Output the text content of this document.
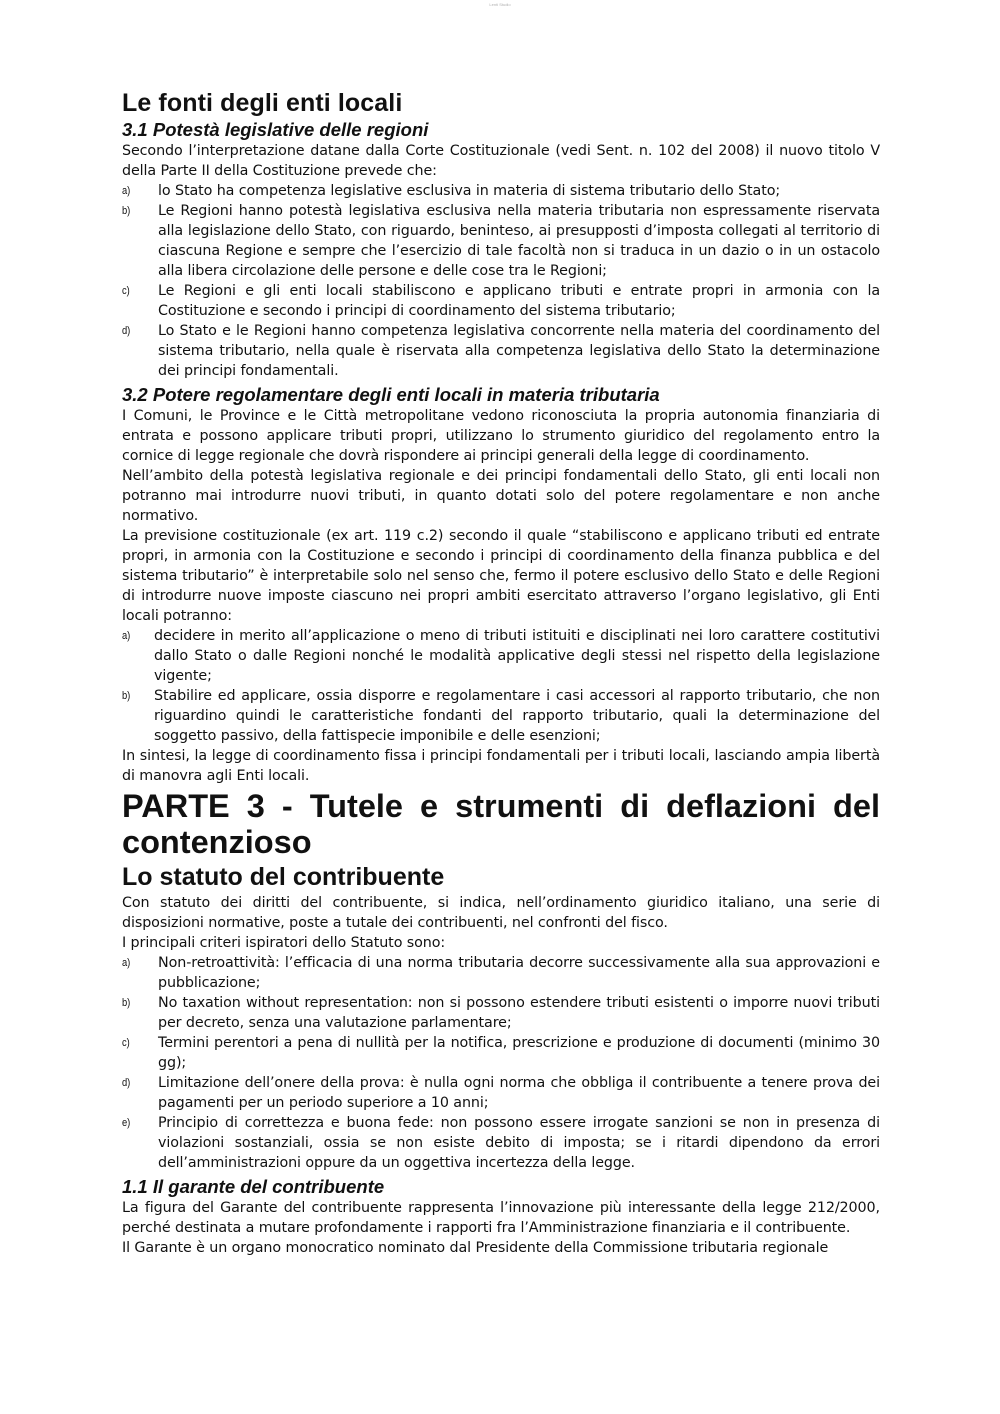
Lenti Studio
Le fonti degli enti locali
3.1 Potestà legislative delle regioni

Secondo l’interpretazione datane dalla Corte Costituzionale (vedi Sent. n. 102 del 2008) il nuovo titolo V della Parte II della Costituzione prevede che:

a) lo Stato ha competenza legislative esclusiva in materia di sistema tributario dello Stato;
b) Le Regioni hanno potestà legislativa esclusiva nella materia tributaria non espressamente riservata alla legislazione dello Stato, con riguardo, beninteso, ai presupposti d’imposta collegati al territorio di ciascuna Regione e sempre che l’esercizio di tale facoltà non si traduca in un dazio o in un ostacolo alla libera circolazione delle persone e delle cose tra le Regioni;
c) Le Regioni e gli enti locali stabiliscono e applicano tributi e entrate propri in armonia con la Costituzione e secondo i principi di coordinamento del sistema tributario;
d) Lo Stato e le Regioni hanno competenza legislativa concorrente nella materia del coordinamento del sistema tributario, nella quale è riservata alla competenza legislativa dello Stato la determinazione dei principi fondamentali.
3.2 Potere regolamentare degli enti locali in materia tributaria

I Comuni, le Province e le Città metropolitane vedono riconosciuta la propria autonomia finanziaria di entrata e possono applicare tributi propri, utilizzano lo strumento giuridico del regolamento entro la cornice di legge regionale che dovrà rispondere ai principi generali della legge di coordinamento.

Nell’ambito della potestà legislativa regionale e dei principi fondamentali dello Stato, gli enti locali non potranno mai introdurre nuovi tributi, in quanto dotati solo del potere regolamentare e non anche normativo.

La previsione costituzionale (ex art. 119 c.2) secondo il quale “stabiliscono e applicano tributi ed entrate propri, in armonia con la Costituzione e secondo i principi di coordinamento della finanza pubblica e del sistema tributario” è interpretabile solo nel senso che, fermo il potere esclusivo dello Stato e delle Regioni di introdurre nuove imposte ciascuno nei propri ambiti esercitato attraverso l’organo legislativo, gli Enti locali potranno:

a) decidere in merito all’applicazione o meno di tributi istituiti e disciplinati nei loro carattere costitutivi dallo Stato o dalle Regioni nonché le modalità applicative degli stessi nel rispetto della legislazione vigente;
b) Stabilire ed applicare, ossia disporre e regolamentare i casi accessori al rapporto tributario, che non riguardino quindi le caratteristiche fondanti del rapporto tributario, quali la determinazione del soggetto passivo, della fattispecie imponibile e delle esenzioni;

In sintesi, la legge di coordinamento fissa i principi fondamentali per i tributi locali, lasciando ampia libertà di manovra agli Enti locali.

PARTE 3 - Tutele e strumenti di deflazioni del contenzioso
Lo statuto del contribuente

Con statuto dei diritti del contribuente, si indica, nell’ordinamento giuridico italiano, una serie di disposizioni normative, poste a tutale dei contribuenti, nel confronti del fisco.

I principali criteri ispiratori dello Statuto sono:

a) Non-retroattività: l’efficacia di una norma tributaria decorre successivamente alla sua approvazioni e pubblicazione;
b) No taxation without representation: non si possono estendere tributi esistenti o imporre nuovi tributi per decreto, senza una valutazione parlamentare;
c) Termini perentori a pena di nullità per la notifica, prescrizione e produzione di documenti (minimo 30 gg);
d) Limitazione dell’onere della prova: è nulla ogni norma che obbliga il contribuente a tenere prova dei pagamenti per un periodo superiore a 10 anni;
e) Principio di correttezza e buona fede: non possono essere irrogate sanzioni se non in presenza di violazioni sostanziali, ossia se non esiste debito di imposta; se i ritardi dipendono da errori dell’amministrazioni oppure da un oggettiva incertezza della legge.
1.1 Il garante del contribuente

La figura del Garante del contribuente rappresenta l’innovazione più interessante della legge 212/2000, perché destinata a mutare profondamente i rapporti fra l’Amministrazione finanziaria e il contribuente.

Il Garante è un organo monocratico nominato dal Presidente della Commissione tributaria regionale
